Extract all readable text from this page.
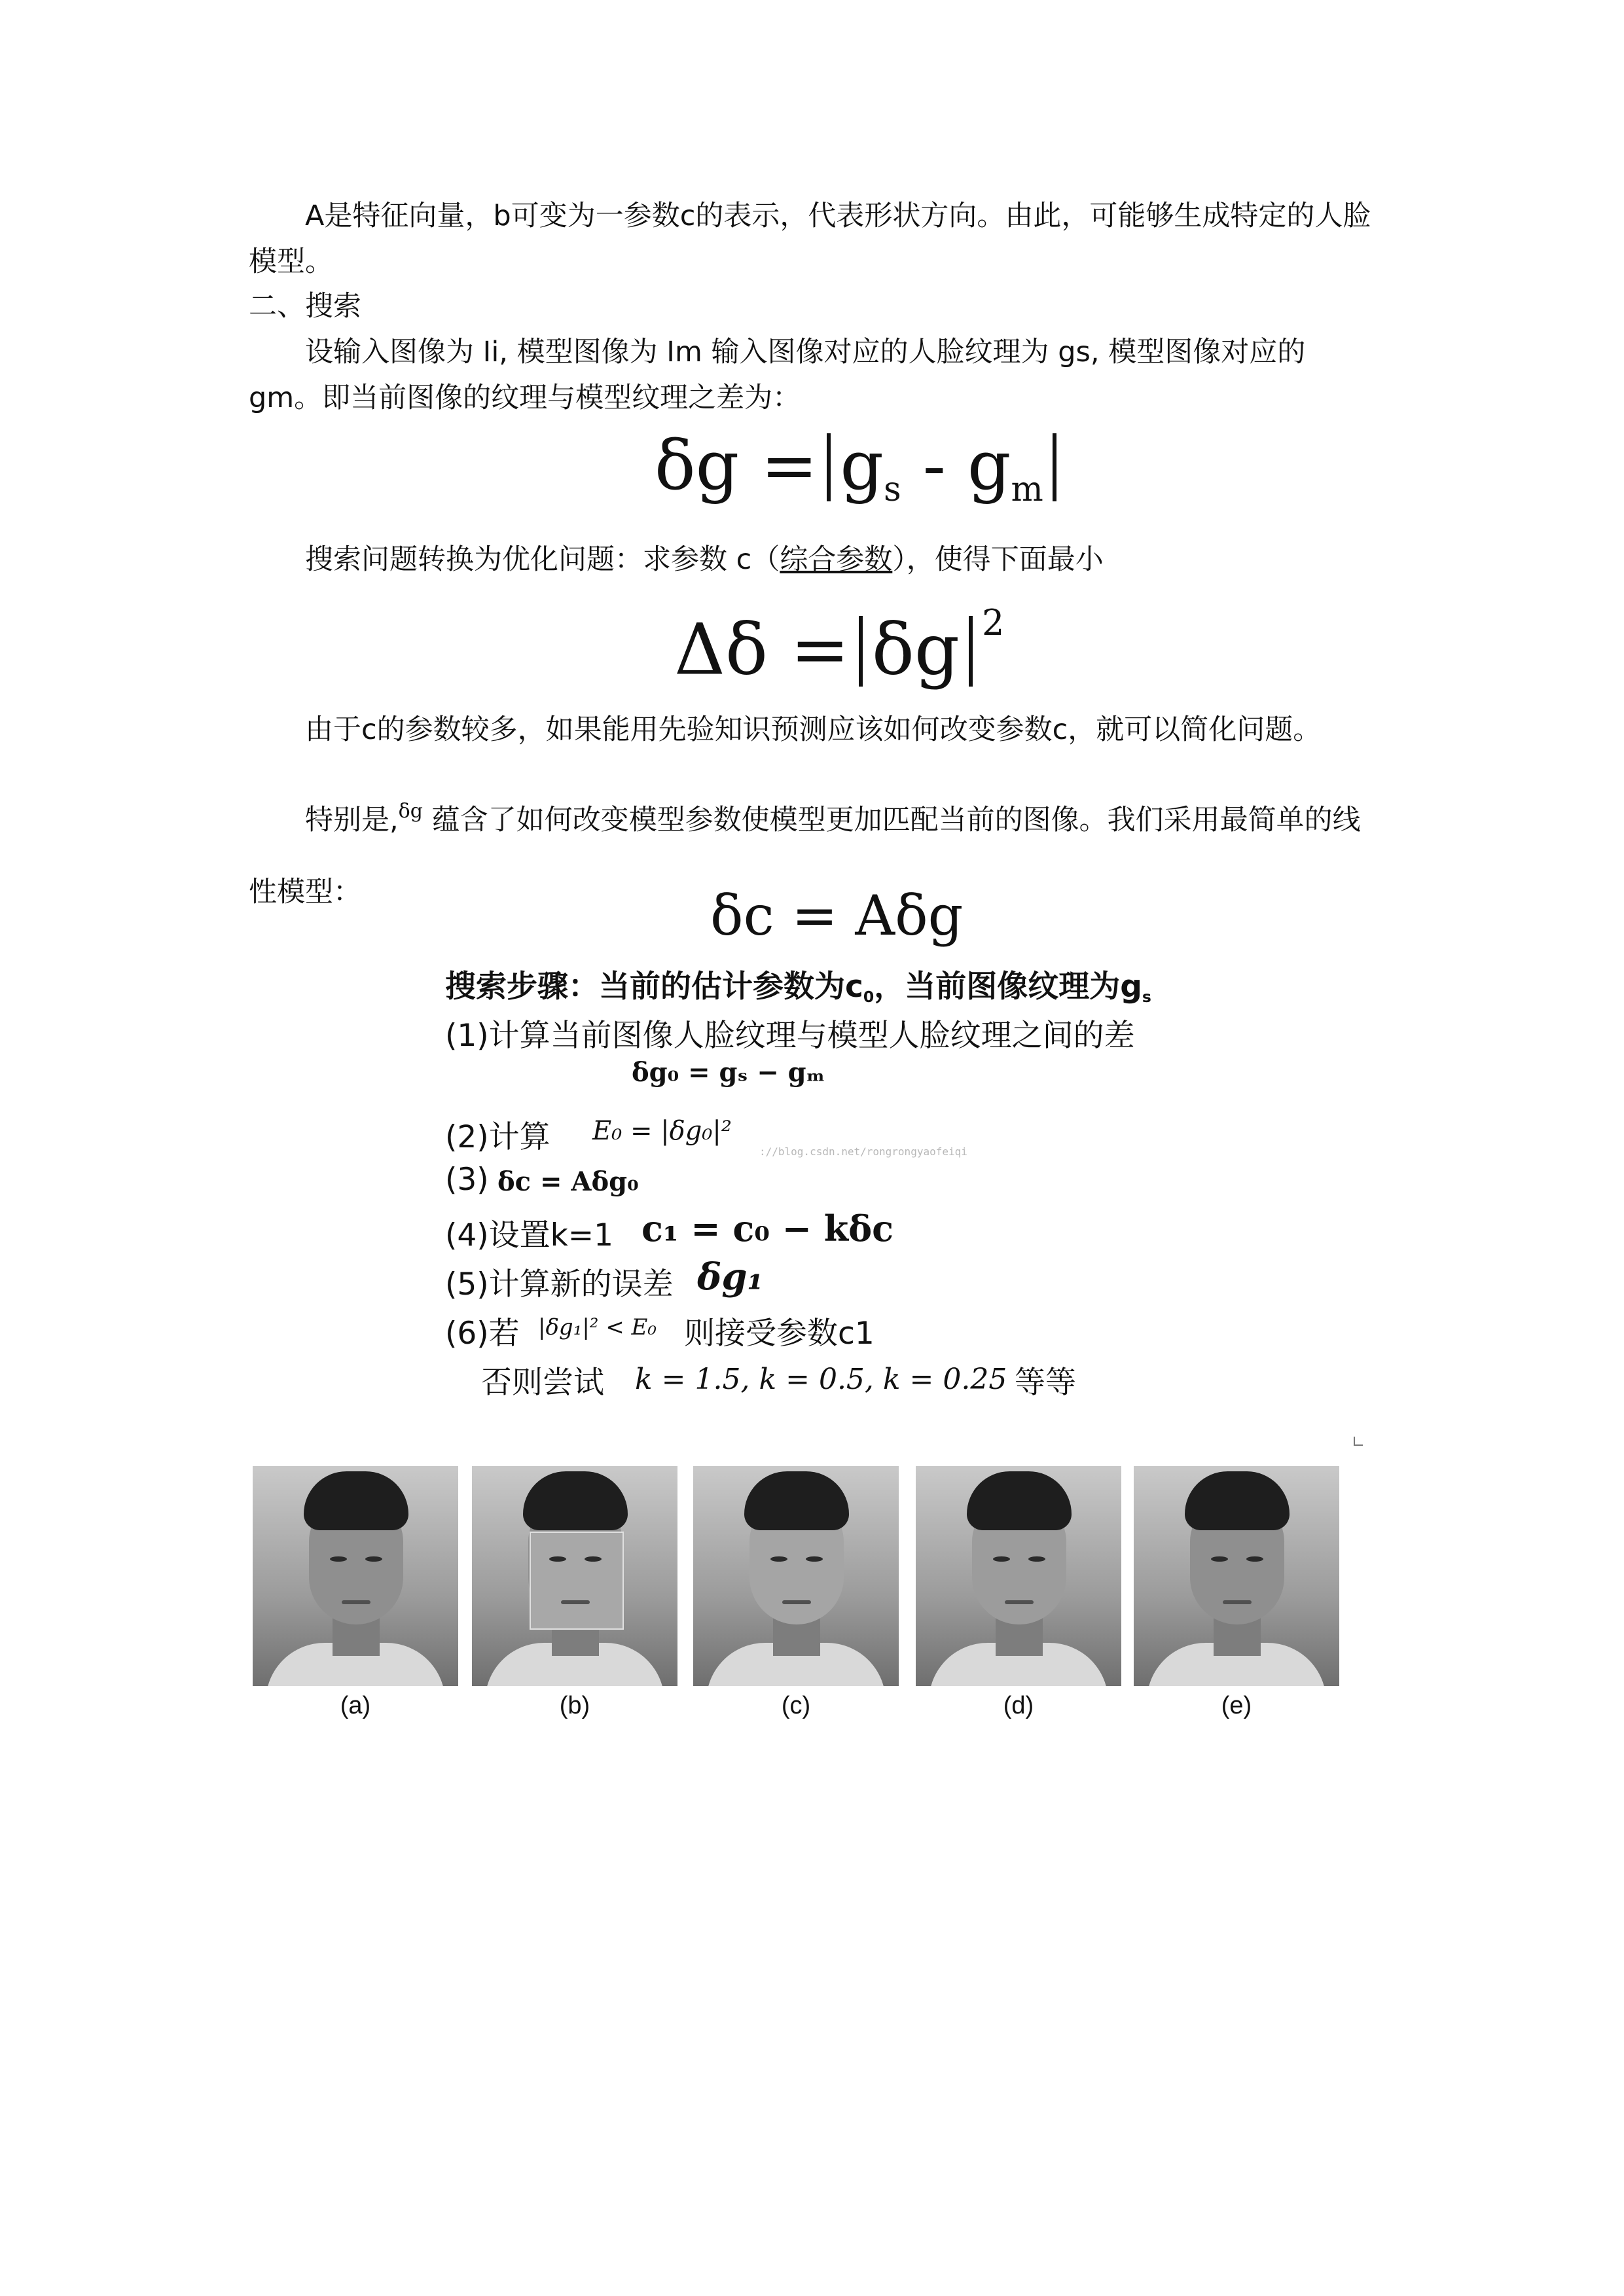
A是特征向量，b可变为一参数c的表示，代表形状方向。由此，可能够生成特定的人脸模型。

二、搜索

设输入图像为 Ii, 模型图像为 Im 输入图像对应的人脸纹理为 gs, 模型图像对应的 gm。即当前图像的纹理与模型纹理之差为：

$\delta g = g_s - g_m$

搜索问题转换为优化问题：求参数 c（综合参数），使得下面最小

Δδ = δg $^2$

由于c的参数较多，如果能用先验知识预测应该如何改变参数c，就可以简化问题。

特别是,$^{\delta g}$ 蕴含了如何改变模型参数使模型更加匹配当前的图像。我们采用最简单的线性模型：	δc = Aδg
搜索步骤：当前的估计参数为$c_0$，当前图像纹理为$g_s$
(1)计算当前图像人脸纹理与模型人脸纹理之间的差
δg₀ = gₛ − gₘ
(2)计算 E₀ = |δg₀|²
(3) δc = Aδg₀
(4)设置k=1 c₁ = c₀ − kδc
(5)计算新的误差 δg₁
(6)若 |δg₁|² < E₀ 则接受参数c1
否则尝试 k = 1.5, k = 0.5, k = 0.25 等等
://blog.csdn.net/rongrongyaofeiqi
(a)	(b)	(c)	(d)	(e)
